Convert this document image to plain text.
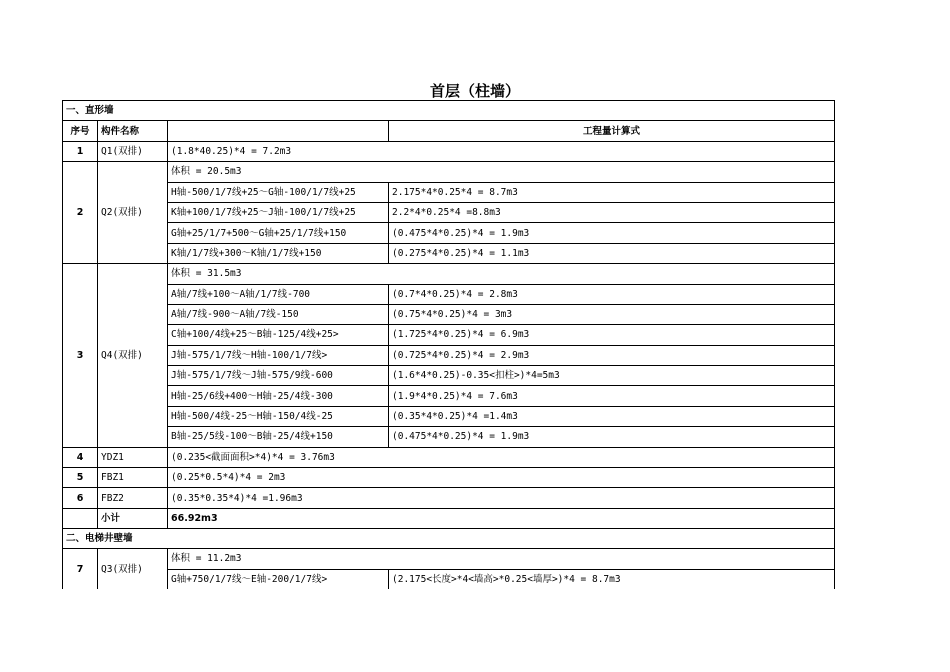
首层（柱墙）
一、直形墙			
序号	构件名称		工程量计算式
1	Q1(双排)	(1.8*40.25)*4 = 7.2m3	
2	Q2(双排)	体积 = 20.5m3	
		H轴-500/1/7线+25～G轴-100/1/7线+25	2.175*4*0.25*4 = 8.7m3
		K轴+100/1/7线+25～J轴-100/1/7线+25	2.2*4*0.25*4 =8.8m3
		G轴+25/1/7+500～G轴+25/1/7线+150	(0.475*4*0.25)*4 = 1.9m3
		K轴/1/7线+300～K轴/1/7线+150	(0.275*4*0.25)*4 = 1.1m3
3	Q4(双排)	体积 = 31.5m3	
		A轴/7线+100～A轴/1/7线-700	(0.7*4*0.25)*4 = 2.8m3
		A轴/7线-900～A轴/7线-150	(0.75*4*0.25)*4 = 3m3
		C轴+100/4线+25～B轴-125/4线+25>	(1.725*4*0.25)*4 = 6.9m3
		J轴-575/1/7线～H轴-100/1/7线>	(0.725*4*0.25)*4 = 2.9m3
		J轴-575/1/7线～J轴-575/9线-600	(1.6*4*0.25)-0.35<扣柱>)*4=5m3
		H轴-25/6线+400～H轴-25/4线-300	(1.9*4*0.25)*4 = 7.6m3
		H轴-500/4线-25～H轴-150/4线-25	(0.35*4*0.25)*4 =1.4m3
		B轴-25/5线-100～B轴-25/4线+150	(0.475*4*0.25)*4 = 1.9m3
4	YDZ1	(0.235<截面面积>*4)*4 = 3.76m3	
5	FBZ1	(0.25*0.5*4)*4 = 2m3	
6	FBZ2	(0.35*0.35*4)*4 =1.96m3	
	小计	66.92m3	
二、电梯井壁墙			
7	Q3(双排)	体积 = 11.2m3	
		G轴+750/1/7线～E轴-200/1/7线>	(2.175<长度>*4<墙高>*0.25<墙厚>)*4 = 8.7m3
